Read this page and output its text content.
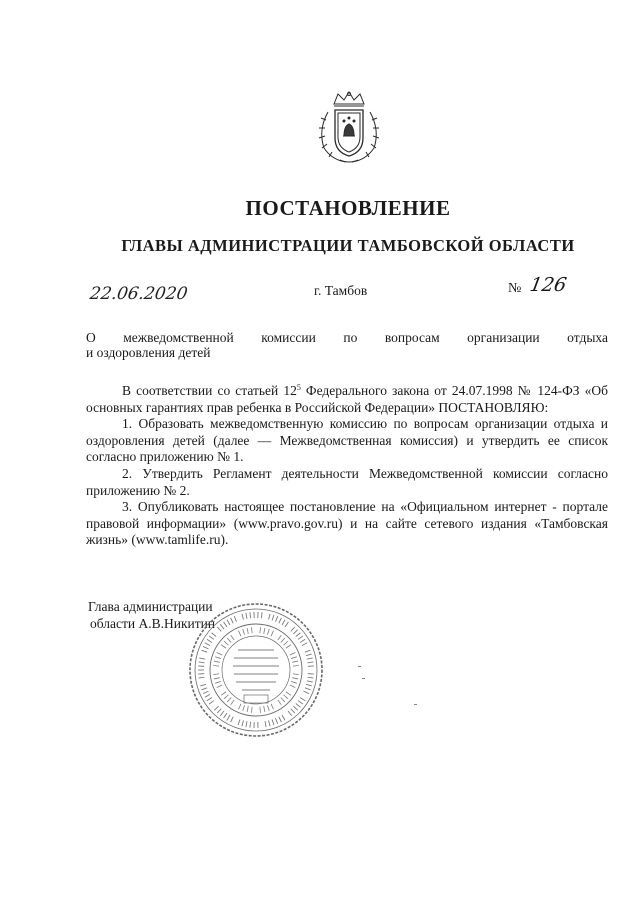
ПОСТАНОВЛЕНИЕ
ГЛАВЫ АДМИНИСТРАЦИИ ТАМБОВСКОЙ ОБЛАСТИ
22.06.2020	г. Тамбов	№ 126
О межведомственной комиссии по вопросам организации отдыха
и оздоровления детей

В соответствии со статьей $12^5$ Федерального закона от 24.07.1998 № 124-ФЗ «Об основных гарантиях прав ребенка в Российской Федерации» ПОСТАНОВЛЯЮ:

1. Образовать межведомственную комиссию по вопросам организации отдыха и оздоровления детей (далее — Межведомственная комиссия) и утвердить ее список согласно приложению № 1.

2. Утвердить Регламент деятельности Межведомственной комиссии согласно приложению № 2.

3. Опубликовать настоящее постановление на «Официальном интернет - портале правовой информации» (www.pravo.gov.ru) и на сайте сетевого издания «Тамбовская жизнь» (www.tamlife.ru).

Глава администрации
области А.В.Никитин
